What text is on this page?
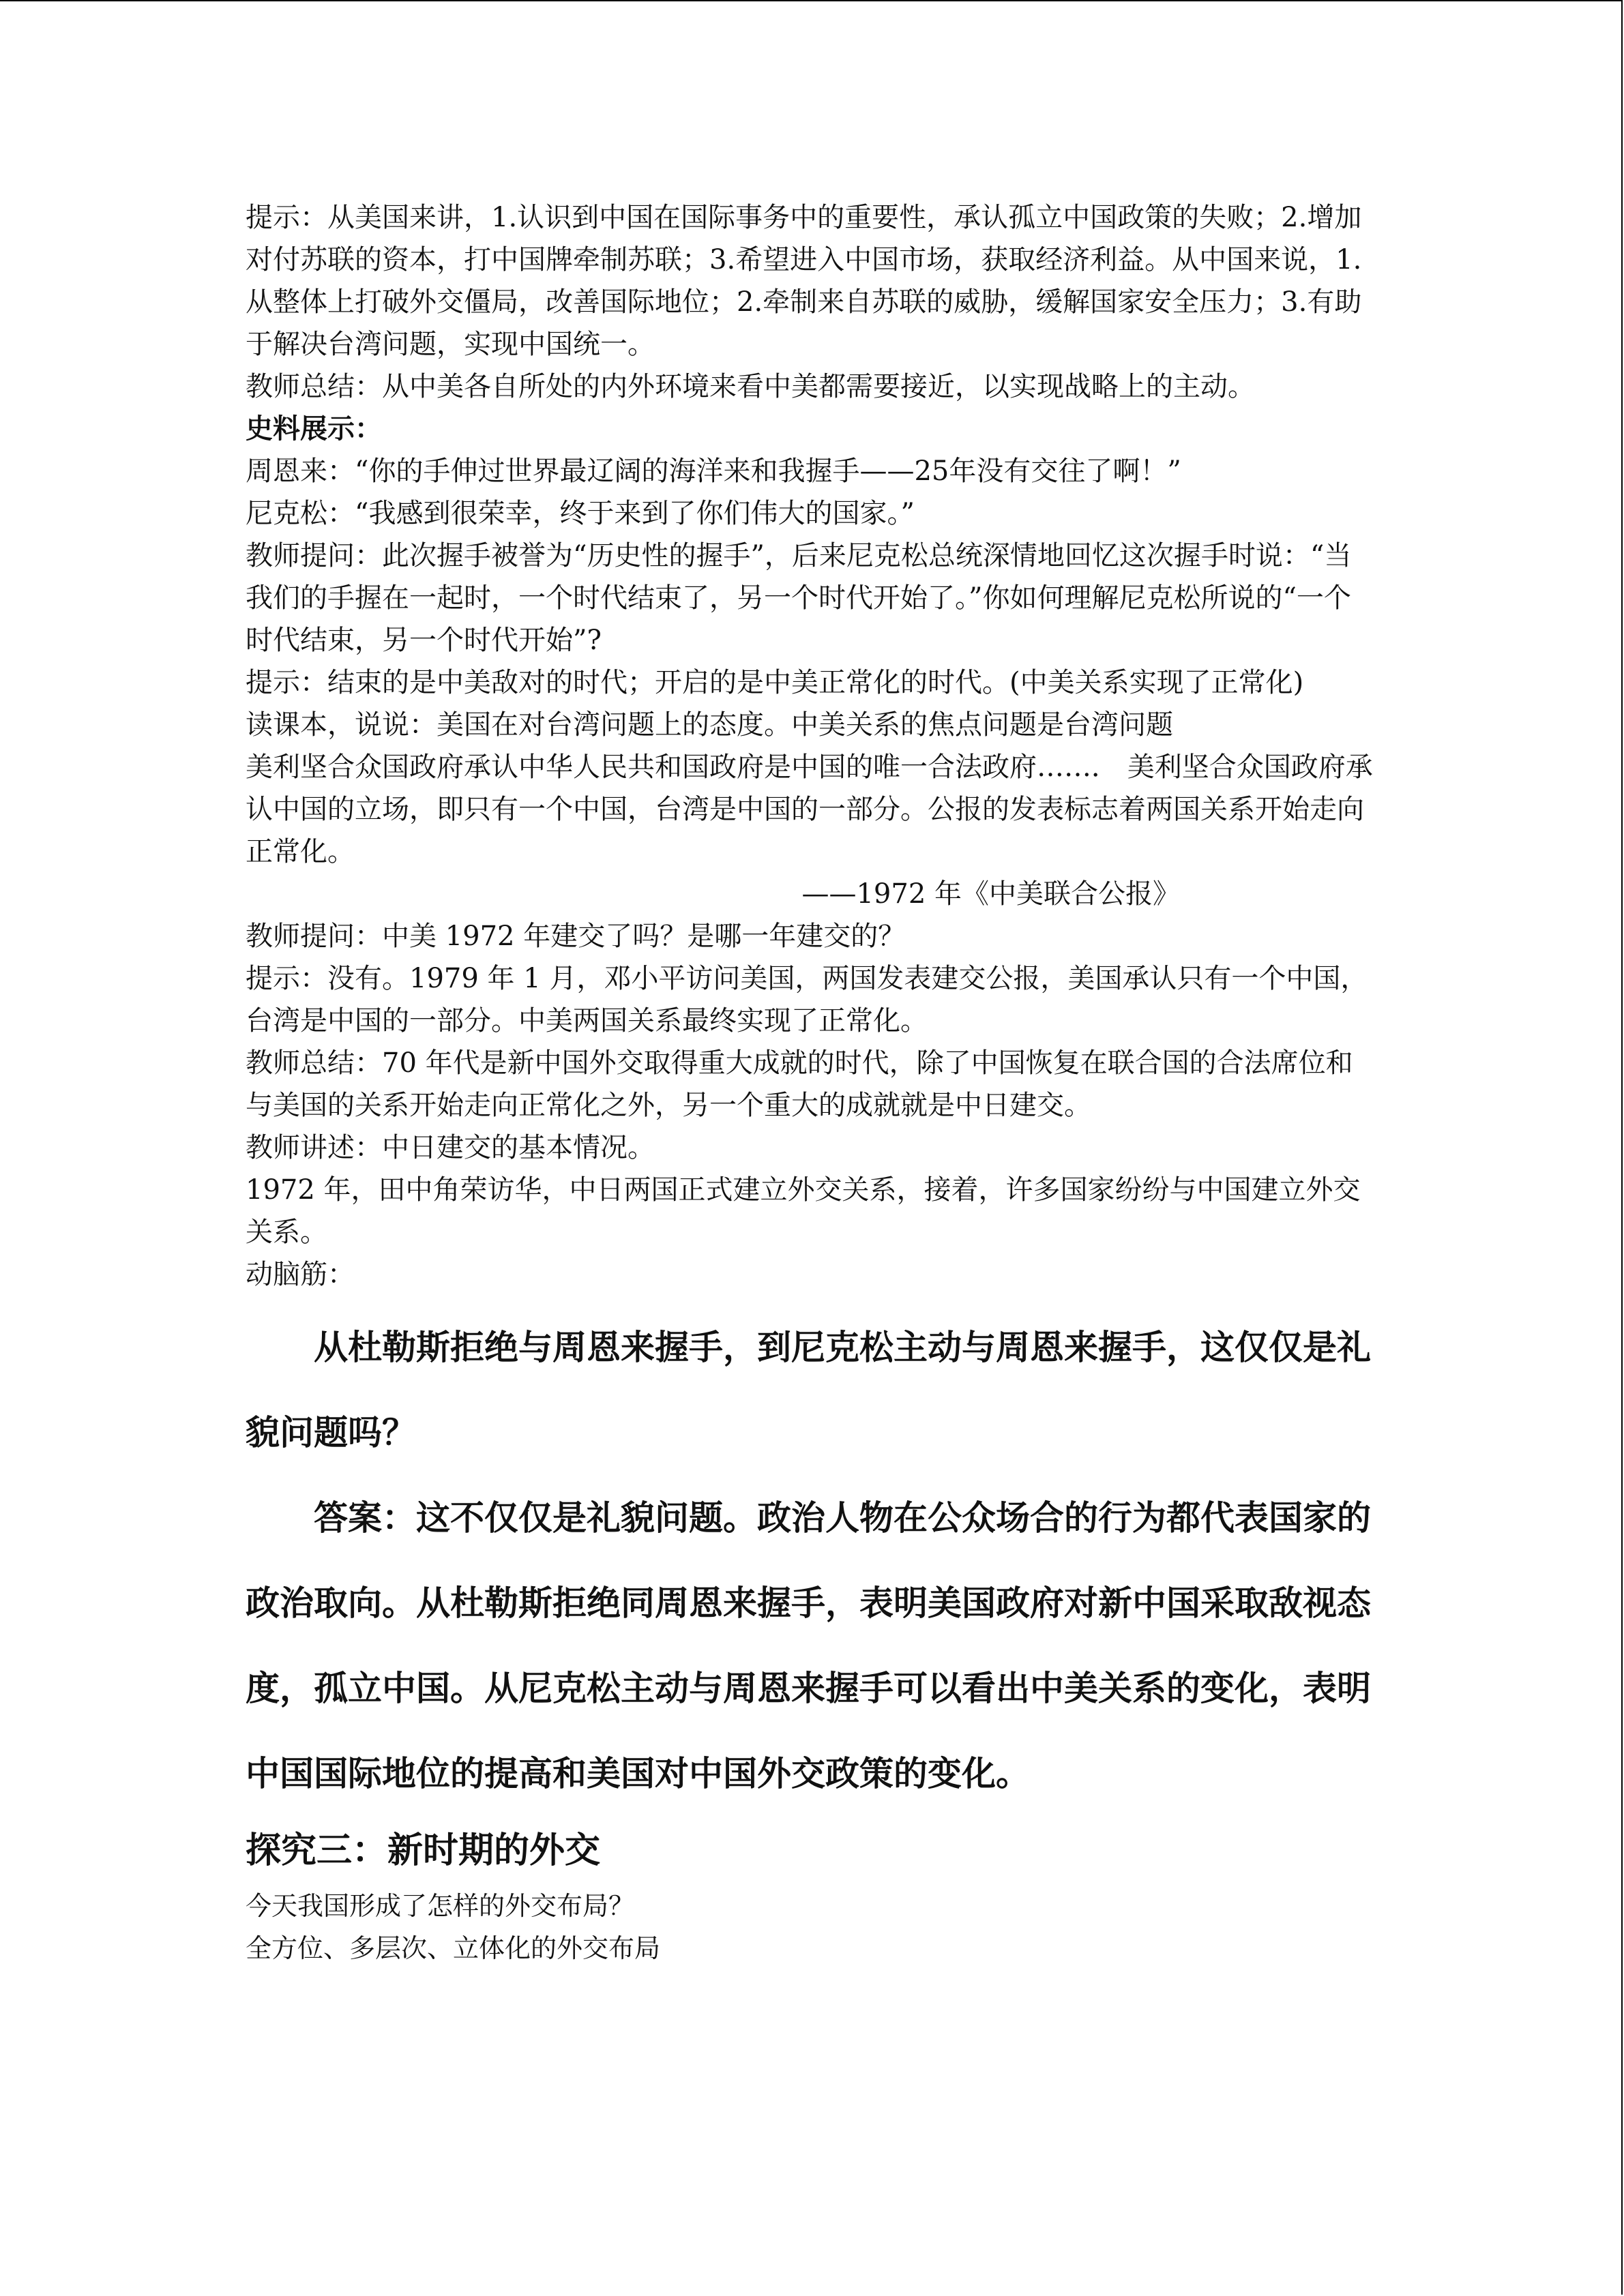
提示：从美国来讲，1.认识到中国在国际事务中的重要性，承认孤立中国政策的失败；2.增加对付苏联的资本，打中国牌牵制苏联；3.希望进入中国市场，获取经济利益。从中国来说，1.从整体上打破外交僵局，改善国际地位；2.牵制来自苏联的威胁，缓解国家安全压力；3.有助于解决台湾问题，实现中国统一。

教师总结：从中美各自所处的内外环境来看中美都需要接近，以实现战略上的主动。

史料展示：

周恩来：“你的手伸过世界最辽阔的海洋来和我握手——25年没有交往了啊！”

尼克松：“我感到很荣幸，终于来到了你们伟大的国家。”

教师提问：此次握手被誉为“历史性的握手”，后来尼克松总统深情地回忆这次握手时说：“当我们的手握在一起时，一个时代结束了，另一个时代开始了。”你如何理解尼克松所说的“一个时代结束，另一个时代开始”?

提示：结束的是中美敌对的时代；开启的是中美正常化的时代。(中美关系实现了正常化)

读课本，说说：美国在对台湾问题上的态度。中美关系的焦点问题是台湾问题

美利坚合众国政府承认中华人民共和国政府是中国的唯一合法政府……． 美利坚合众国政府承认中国的立场，即只有一个中国，台湾是中国的一部分。公报的发表标志着两国关系开始走向正常化。

——1972 年《中美联合公报》

教师提问：中美 1972 年建交了吗？是哪一年建交的？

提示：没有。1979 年 1 月，邓小平访问美国，两国发表建交公报，美国承认只有一个中国，台湾是中国的一部分。中美两国关系最终实现了正常化。

教师总结：70 年代是新中国外交取得重大成就的时代，除了中国恢复在联合国的合法席位和与美国的关系开始走向正常化之外，另一个重大的成就就是中日建交。

教师讲述：中日建交的基本情况。

1972 年，田中角荣访华，中日两国正式建立外交关系，接着，许多国家纷纷与中国建立外交关系。

动脑筋：

从杜勒斯拒绝与周恩来握手，到尼克松主动与周恩来握手，这仅仅是礼貌问题吗？

答案：这不仅仅是礼貌问题。政治人物在公众场合的行为都代表国家的政治取向。从杜勒斯拒绝同周恩来握手，表明美国政府对新中国采取敌视态度，孤立中国。从尼克松主动与周恩来握手可以看出中美关系的变化，表明中国国际地位的提高和美国对中国外交政策的变化。

探究三：新时期的外交

今天我国形成了怎样的外交布局？

全方位、多层次、立体化的外交布局
